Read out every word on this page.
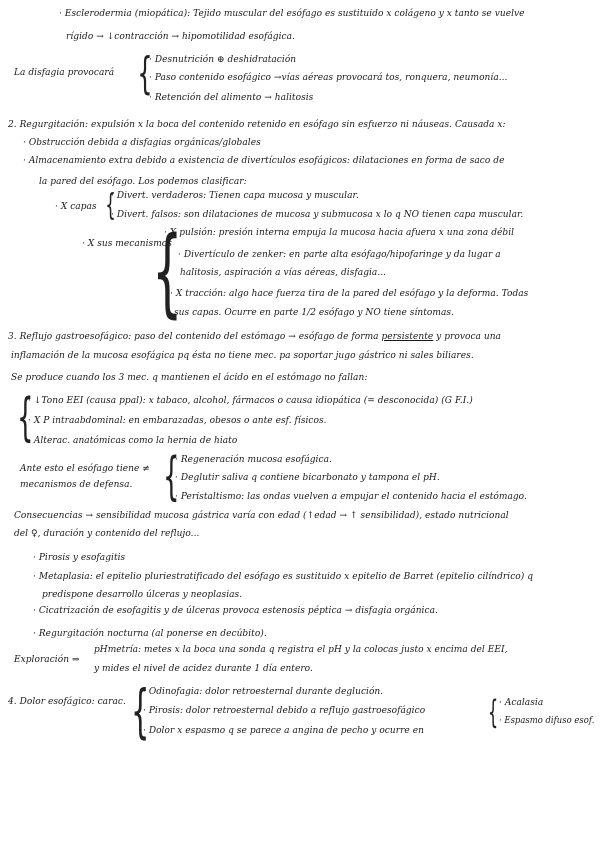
· Esclerodermia (miopática): Tejido muscular del esófago es sustituido x colágeno y x tanto se vuelve
rígido → ↓contracción → hipomotilidad esofágica.
La disfagia provocará {
· Desnutrición ⊕ deshidratación
· Paso contenido esofágico →vías aéreas provocará tos, ronquera, neumonía...
· Retención del alimento → halitosis
2. Regurgitación: expulsión x la boca del contenido retenido en esófago sin esfuerzo ni náuseas. Causada x:
· Obstrucción debida a disfagias orgánicas/globales
· Almacenamiento extra debido a existencia de divertículos esofágicos: dilataciones en forma de saco de
la pared del esófago. Los podemos clasificar:
· X capas {
· Divert. verdaderos: Tienen capa mucosa y muscular.
· Divert. falsos: son dilataciones de mucosa y submucosa x lo q NO tienen capa muscular.
· X sus mecanismos
{
· X pulsión: presión interna empuja la mucosa hacia afuera x una zona débil
· Divertículo de zenker: en parte alta esófago/hipofaringe y da lugar a
halitosis, aspiración a vías aéreas, disfagia...
· X tracción: algo hace fuerza tira de la pared del esófago y la deforma. Todas
sus capas. Ocurre en parte 1/2 esófago y NO tiene síntomas.
3. Reflujo gastroesofágico: paso del contenido del estómago → esófago de forma persistente y provoca una
inflamación de la mucosa esofágica pq ésta no tiene mec. pa soportar jugo gástrico ni sales biliares.
Se produce cuando los 3 mec. q mantienen el ácido en el estómago no fallan:
{
· ↓Tono EEI (causa ppal): x tabaco, alcohol, fármacos o causa idiopática (= desconocida) (G F.I.)
· X P intraabdominal: en embarazadas, obesos o ante esf. físicos.
· Alterac. anatómicas como la hernia de hiato
Ante esto el esófago tiene ≠
mecanismos de defensa. {
· Regeneración mucosa esofágica.
· Deglutir saliva q contiene bicarbonato y tampona el pH.
· Peristaltismo: las ondas vuelven a empujar el contenido hacia el estómago.
Consecuencias → sensibilidad mucosa gástrica varía con edad (↑edad → ↑ sensibilidad), estado nutricional
del ♀, duración y contenido del reflujo...
· Pirosis y esofagitis
· Metaplasia: el epitelio pluriestratificado del esófago es sustituido x epitelio de Barret (epitelio cilíndrico) q
predispone desarrollo úlceras y neoplasias.
· Cicatrización de esofagitis y de úlceras provoca estenosis péptica → disfagia orgánica.
· Regurgitación nocturna (al ponerse en decúbito).
Exploración ⇒
pHmetría: metes x la boca una sonda q registra el pH y la colocas justo x encima del EEI,
y mides el nivel de acidez durante 1 día entero.
4. Dolor esofágico: carac. {
· Odinofagia: dolor retroesternal durante deglución.
· Pirosis: dolor retroesternal debido a reflujo gastroesofágico
· Dolor x espasmo q se parece a angina de pecho y ocurre en { · Acalasia
· Espasmo difuso esof.
